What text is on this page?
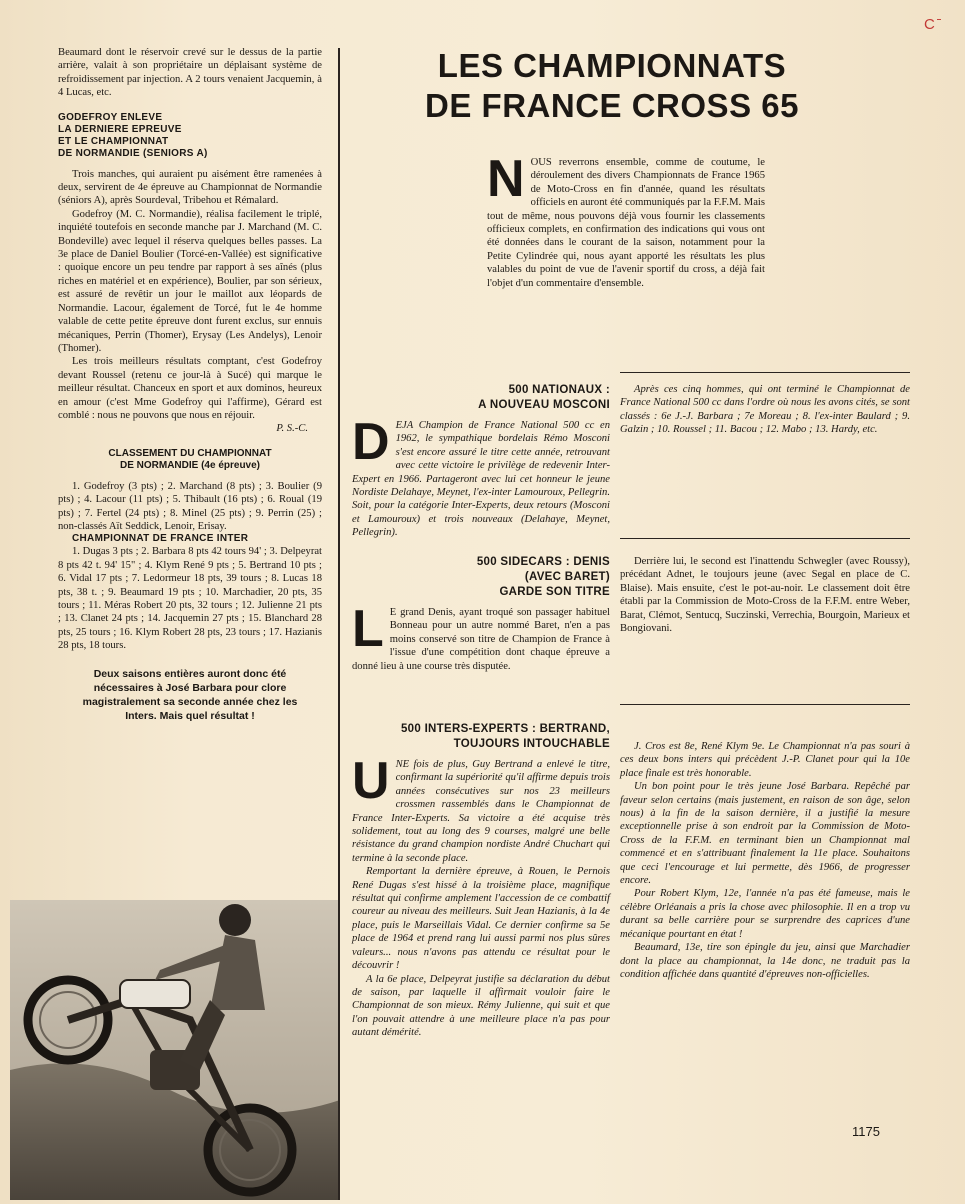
C ̄

Beaumard dont le réservoir crevé sur le dessus de la partie arrière, valait à son propriétaire un déplaisant système de refroidissement par injection. A 2 tours venaient Jacquemin, à 4 Lucas, etc.

GODEFROY ENLEVE
LA DERNIERE EPREUVE
ET LE CHAMPIONNAT
DE NORMANDIE (SENIORS A)

Trois manches, qui auraient pu aisément être ramenées à deux, servirent de 4e épreuve au Championnat de Normandie (séniors A), après Sourdeval, Tribehou et Rémalard.

Godefroy (M. C. Normandie), réalisa facilement le triplé, inquiété toutefois en seconde manche par J. Marchand (M. C. Bondeville) avec lequel il réserva quelques belles passes. La 3e place de Daniel Boulier (Torcé-en-Vallée) est significative : quoique encore un peu tendre par rapport à ses aînés (plus riches en matériel et en expérience), Boulier, par son sérieux, est assuré de revêtir un jour le maillot aux léopards de Normandie. Lacour, également de Torcé, fut le 4e homme valable de cette petite épreuve dont furent exclus, sur ennuis mécaniques, Perrin (Thomer), Erysay (Les Andelys), Lenoir (Thomer).

Les trois meilleurs résultats comptant, c'est Godefroy devant Roussel (retenu ce jour-là à Sucé) qui marque le meilleur résultat. Chanceux en sport et aux dominos, heureux en amour (c'est Mme Godefroy qui l'affirme), Gérard est comblé : nous ne pouvons que nous en réjouir.

P. S.-C.

CLASSEMENT DU CHAMPIONNAT
DE NORMANDIE (4e épreuve)

1. Godefroy (3 pts) ; 2. Marchand (8 pts) ; 3. Boulier (9 pts) ; 4. Lacour (11 pts) ; 5. Thibault (16 pts) ; 6. Roual (19 pts) ; 7. Fertel (24 pts) ; 8. Minel (25 pts) ; 9. Perrin (25) ; non-classés Aït Seddick, Lenoir, Erisay.

CHAMPIONNAT DE FRANCE INTER

1. Dugas 3 pts ; 2. Barbara 8 pts 42 tours 94' ; 3. Delpeyrat 8 pts 42 t. 94' 15" ; 4. Klym René 9 pts ; 5. Bertrand 10 pts ; 6. Vidal 17 pts ; 7. Ledormeur 18 pts, 39 tours ; 8. Lucas 18 pts, 38 t. ; 9. Beaumard 19 pts ; 10. Marchadier, 20 pts, 35 tours ; 11. Méras Robert 20 pts, 32 tours ; 12. Julienne 21 pts ; 13. Clanet 24 pts ; 14. Jacquemin 27 pts ; 15. Blanchard 28 pts, 25 tours ; 16. Klym Robert 28 pts, 23 tours ; 17. Hazianis 28 pts, 18 tours.

Deux saisons entières auront donc été nécessaires à José Barbara pour clore magistralement sa seconde année chez les Inters. Mais quel résultat !
LES CHAMPIONNATS
DE FRANCE CROSS 65
N OUS reverrons ensemble, comme de coutume, le déroulement des divers Championnats de France 1965 de Moto-Cross en fin d'année, quand les résultats officiels en auront été communiqués par la F.F.M. Mais tout de même, nous pouvons déjà vous fournir les classements officieux complets, en confirmation des indications qui vous ont été données dans le courant de la saison, notamment pour la Petite Cylindrée qui, nous ayant apporté les résultats les plus valables du point de vue de l'avenir sportif du cross, a déjà fait l'objet d'un commentaire d'ensemble.

500 NATIONAUX :
A NOUVEAU MOSCONI
D EJA Champion de France National 500 cc en 1962, le sympathique bordelais Rémo Mosconi s'est encore assuré le titre cette année, retrouvant avec cette victoire le privilège de redevenir Inter-Expert en 1966. Partageront avec lui cet honneur le jeune Nordiste Delahaye, Meynet, l'ex-inter Lamouroux, Pellegrin. Soit, pour la catégorie Inter-Experts, deux retours (Mosconi et Lamouroux) et trois nouveaux (Delahaye, Meynet, Pellegrin).

Après ces cinq hommes, qui ont terminé le Championnat de France National 500 cc dans l'ordre où nous les avons cités, se sont classés : 6e J.-J. Barbara ; 7e Moreau ; 8. l'ex-inter Baulard ; 9. Galzin ; 10. Roussel ; 11. Bacou ; 12. Mabo ; 13. Hardy, etc.

500 SIDECARS : DENIS
(AVEC BARET)
GARDE SON TITRE
L E grand Denis, ayant troqué son passager habituel Bonneau pour un autre nommé Baret, n'en a pas moins conservé son titre de Champion de France à l'issue d'une compétition dont chaque épreuve a donné lieu à une course très disputée.

Derrière lui, le second est l'inattendu Schwegler (avec Roussy), précédant Adnet, le toujours jeune (avec Segal en place de C. Blaise). Mais ensuite, c'est le pot-au-noir. Le classement doit être établi par la Commission de Moto-Cross de la F.F.M. entre Weber, Barat, Clémot, Sentucq, Suczinski, Verrechia, Bourgoin, Marieux et Bongiovani.

500 INTERS-EXPERTS : BERTRAND,
TOUJOURS INTOUCHABLE
U NE fois de plus, Guy Bertrand a enlevé le titre, confirmant la supériorité qu'il affirme depuis trois années consécutives sur nos 23 meilleurs crossmen rassemblés dans le Championnat de France Inter-Experts. Sa victoire a été acquise très solidement, tout au long des 9 courses, malgré une belle résistance du grand champion nordiste André Chuchart qui termine à la seconde place.

Remportant la dernière épreuve, à Rouen, le Pernois René Dugas s'est hissé à la troisième place, magnifique résultat qui confirme amplement l'accession de ce combattif coureur au niveau des meilleurs. Suit Jean Hazianis, à la 4e place, puis le Marseillais Vidal. Ce dernier confirme sa 5e place de 1964 et prend rang lui aussi parmi nos plus sûres valeurs... nous n'avons pas attendu ce résultat pour le découvrir !

A la 6e place, Delpeyrat justifie sa déclaration du début de saison, par laquelle il affirmait vouloir faire le Championnat de son mieux. Rémy Julienne, qui suit et que l'on pouvait attendre à une meilleure place n'a pas pour autant démérité.

J. Cros est 8e, René Klym 9e. Le Championnat n'a pas souri à ces deux bons inters qui précèdent J.-P. Clanet pour qui la 10e place finale est très honorable.

Un bon point pour le très jeune José Barbara. Repêché par faveur selon certains (mais justement, en raison de son âge, selon nous) à la fin de la saison dernière, il a justifié la mesure exceptionnelle prise à son endroit par la Commission de Moto-Cross de la F.F.M. en terminant bien un Championnat mal commencé et en s'attribuant finalement la 11e place. Souhaitons que ceci l'encourage et lui permette, dès 1966, de progresser encore.

Pour Robert Klym, 12e, l'année n'a pas été fameuse, mais le célèbre Orléanais a pris la chose avec philosophie. Il en a trop vu durant sa belle carrière pour se surprendre des caprices d'une mécanique pourtant en état !

Beaumard, 13e, tire son épingle du jeu, ainsi que Marchadier dont la place au championnat, la 14e donc, ne traduit pas la condition affichée dans quantité d'épreuves non-officielles.

1175
